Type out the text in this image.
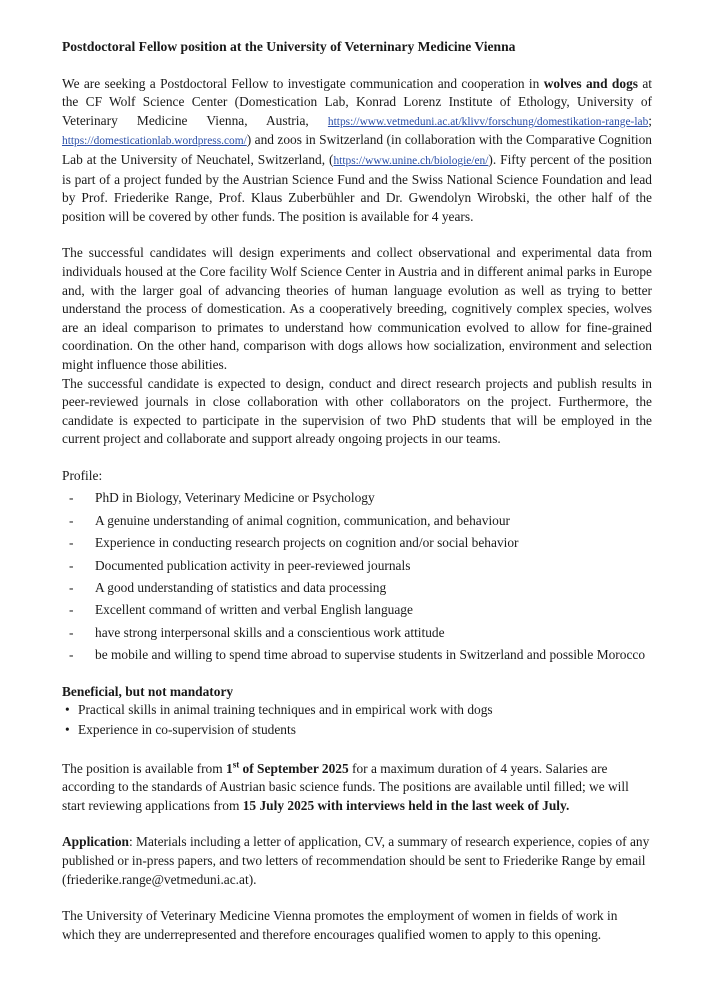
Postdoctoral Fellow position at the University of Veterninary Medicine Vienna

We are seeking a Postdoctoral Fellow to investigate communication and cooperation in wolves and dogs at the CF Wolf Science Center (Domestication Lab, Konrad Lorenz Institute of Ethology, University of Veterinary Medicine Vienna, Austria, https://www.vetmeduni.ac.at/klivv/forschung/domestikation-range-lab; https://domesticationlab.wordpress.com/) and zoos in Switzerland (in collaboration with the Comparative Cognition Lab at the University of Neuchatel, Switzerland, (https://www.unine.ch/biologie/en/). Fifty percent of the position is part of a project funded by the Austrian Science Fund and the Swiss National Science Foundation and lead by Prof. Friederike Range, Prof. Klaus Zuberbühler and Dr. Gwendolyn Wirobski, the other half of the position will be covered by other funds. The position is available for 4 years.

The successful candidates will design experiments and collect observational and experimental data from individuals housed at the Core facility Wolf Science Center in Austria and in different animal parks in Europe and, with the larger goal of advancing theories of human language evolution as well as trying to better understand the process of domestication. As a cooperatively breeding, cognitively complex species, wolves are an ideal comparison to primates to understand how communication evolved to allow for fine-grained coordination. On the other hand, comparison with dogs allows how socialization, environment and selection might influence those abilities.

The successful candidate is expected to design, conduct and direct research projects and publish results in peer-reviewed journals in close collaboration with other collaborators on the project. Furthermore, the candidate is expected to participate in the supervision of two PhD students that will be employed in the current project and collaborate and support already ongoing projects in our teams.

Profile:
- PhD in Biology, Veterinary Medicine or Psychology
- A genuine understanding of animal cognition, communication, and behaviour
- Experience in conducting research projects on cognition and/or social behavior
- Documented publication activity in peer-reviewed journals
- A good understanding of statistics and data processing
- Excellent command of written and verbal English language
- have strong interpersonal skills and a conscientious work attitude
- be mobile and willing to spend time abroad to supervise students in Switzerland and possible Morocco
Beneficial, but not mandatory
• Practical skills in animal training techniques and in empirical work with dogs
• Experience in co-supervision of students

The position is available from 1st of September 2025 for a maximum duration of 4 years. Salaries are according to the standards of Austrian basic science funds. The positions are available until filled; we will start reviewing applications from 15 July 2025 with interviews held in the last week of July.

Application: Materials including a letter of application, CV, a summary of research experience, copies of any published or in-press papers, and two letters of recommendation should be sent to Friederike Range by email (friederike.range@vetmeduni.ac.at).

The University of Veterinary Medicine Vienna promotes the employment of women in fields of work in which they are underrepresented and therefore encourages qualified women to apply to this opening.
